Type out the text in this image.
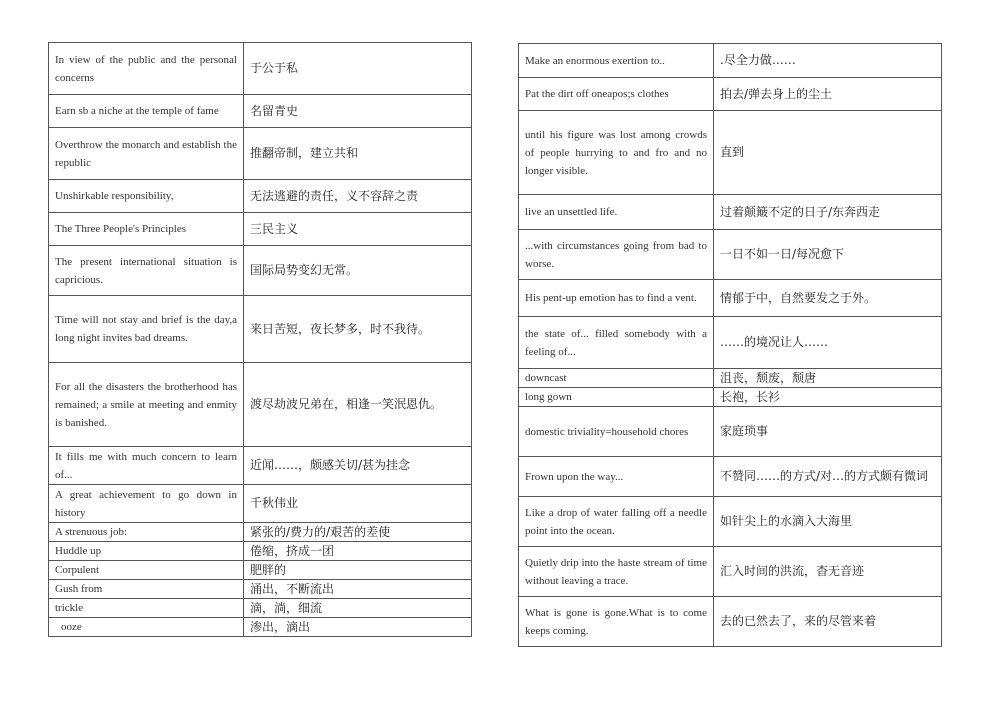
In view of the public and the personal concerns	于公于私
Earn sb a niche at the temple of fame	名留青史
Overthrow the monarch and establish the republic	推翻帝制，建立共和
Unshirkable responsibility,	无法逃避的责任，义不容辞之责
The Three People's Principles	三民主义
The present international situation is capricious.	国际局势变幻无常。
Time will not stay and brief is the day,a long night invites bad dreams.	来日苦短，夜长梦多，时不我待。
For all the disasters the brotherhood has remained; a smile at meeting and enmity is banished.	渡尽劫波兄弟在，相逢一笑泯恩仇。
It fills me with much concern to learn of...	近闻……，颇感关切/甚为挂念
A great achievement to go down in history	千秋伟业
A strenuous job:	紧张的/费力的/艰苦的差使
Huddle up	倦缩，挤成一团
Corpulent	肥胖的
Gush from	涌出，不断流出
trickle	滴，淌，细流
ooze	渗出，滴出
Make an enormous exertion to..	.尽全力做……
Pat the dirt off oneapos;s clothes	拍去/弹去身上的尘土
until his figure was lost among crowds of people hurrying to and fro and no longer visible.	直到
live an unsettled life.	过着颠簸不定的日子/东奔西走
...with circumstances going from bad to worse.	一日不如一日/每况愈下
His pent-up emotion has to find a vent.	情郁于中，自然要发之于外。
the state of... filled somebody with a feeling of...	……的境况让人……
downcast	沮丧，颓废，颓唐
long gown	长袍，长衫
domestic triviality=household chores	家庭琐事
Frown upon the way...	不赞同……的方式/对…的方式颇有微词
Like a drop of water falling off a needle point into the ocean.	如针尖上的水滴入大海里
Quietly drip into the haste stream of time without leaving a trace.	汇入时间的洪流，杳无音迹
What is gone is gone.What is to come keeps coming.	去的已然去了，来的尽管来着
